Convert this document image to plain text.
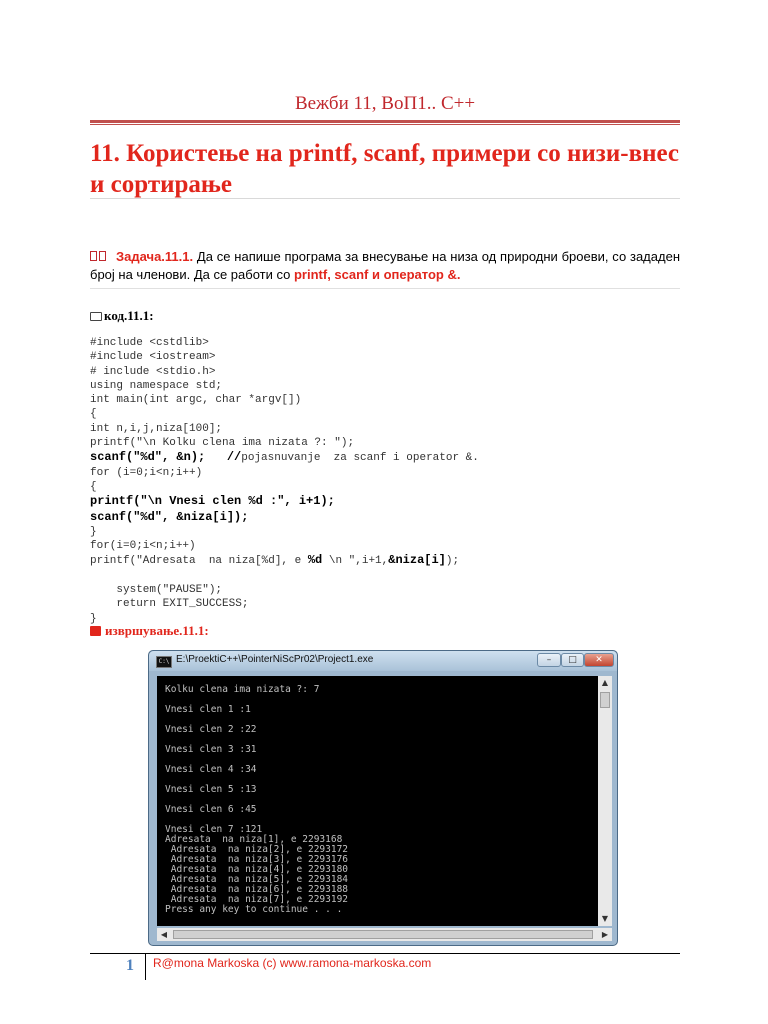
Вежби 11, ВоП1.. C++
11. Користење на printf, scanf, примери со низи-внес и сортирање
Задача.11.1. Да се напише програма за внесување на низа од природни броеви, со зададен број на членови. Да се работи со printf, scanf и оператор &.
код.11.1:
#include <cstdlib>
#include <iostream>
# include <stdio.h>
using namespace std;
int main(int argc, char *argv[])
{
int n,i,j,niza[100];
printf("\n Kolku clena ima nizata ?: ");
scanf("%d", &n);   //pojasnuvanje  za scanf i operator &.
for (i=0;i<n;i++)
{
printf("\n Vnesi clen %d :", i+1);
scanf("%d", &niza[i]);
}
for(i=0;i<n;i++)
printf("Adresata  na niza[%d], e %d \n ",i+1,&niza[i]);

system("PAUSE");
return EXIT_SUCCESS;
}
извршување.11.1:
C:\ E:\ProektiC++\PointerNiScPr02\Project1.exe	–	□	✕
Kolku clena ima nizata ?: 7

Vnesi clen 1 :1

Vnesi clen 2 :22

Vnesi clen 3 :31

Vnesi clen 4 :34

Vnesi clen 5 :13

Vnesi clen 6 :45

Vnesi clen 7 :121
Adresata  na niza[1], e 2293168
Adresata  na niza[2], e 2293172
Adresata  na niza[3], e 2293176
Adresata  na niza[4], e 2293180
Adresata  na niza[5], e 2293184
Adresata  na niza[6], e 2293188
Adresata  na niza[7], e 2293192
Press any key to continue . . .
▲
▼
◀	▶
1 R@mona Markoska (c) www.ramona-markoska.com
